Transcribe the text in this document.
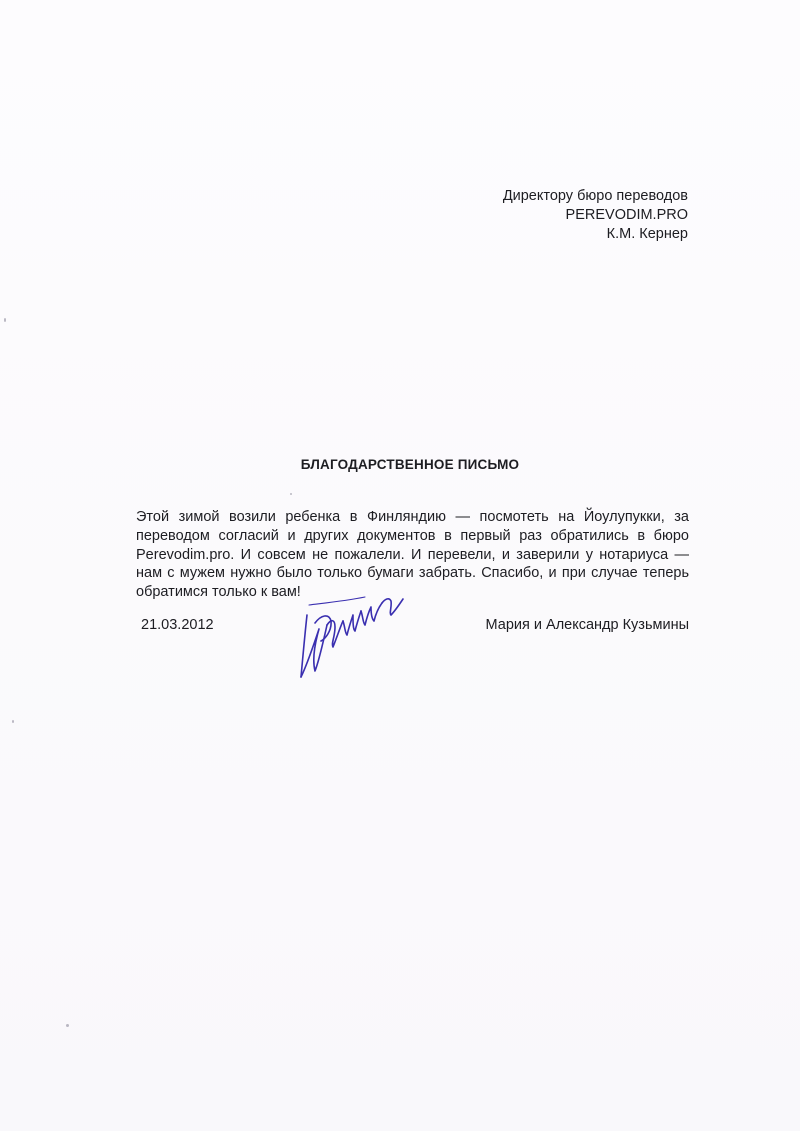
Директору бюро переводов
PEREVODIM.PRO
К.М. Кернер
БЛАГОДАРСТВЕННОЕ ПИСЬМО
Этой зимой возили ребенка в Финляндию — посмотеть на Йоулупукки, за переводом согласий и других документов в первый раз обратились в бюро Perevodim.pro. И совсем не пожалели. И перевели, и заверили у нотариуса — нам с мужем нужно было только бумаги забрать. Спасибо, и при случае теперь обратимся только к вам!
21.03.2012	Мария и Александр Кузьмины
